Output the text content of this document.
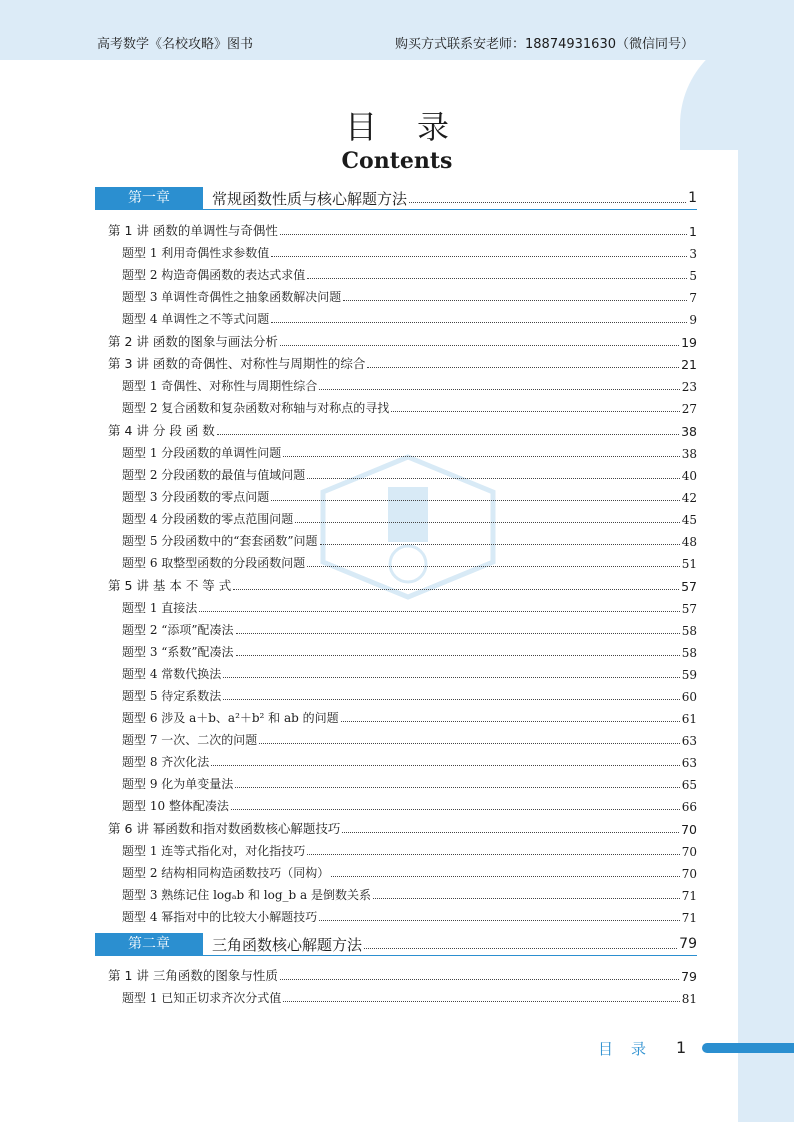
高考数学《名校攻略》图书	购买方式联系安老师：18874931630（微信同号）
目录
Contents
第一章	常规函数性质与核心解题方法	1
第 1 讲 函数的单调性与奇偶性	1
题型 1 利用奇偶性求参数值	3
题型 2 构造奇偶函数的表达式求值	5
题型 3 单调性奇偶性之抽象函数解决问题	7
题型 4 单调性之不等式问题	9
第 2 讲 函数的图象与画法分析	19
第 3 讲 函数的奇偶性、对称性与周期性的综合	21
题型 1 奇偶性、对称性与周期性综合	23
题型 2 复合函数和复杂函数对称轴与对称点的寻找	27
第 4 讲 分 段 函 数	38
题型 1 分段函数的单调性问题	38
题型 2 分段函数的最值与值域问题	40
题型 3 分段函数的零点问题	42
题型 4 分段函数的零点范围问题	45
题型 5 分段函数中的“套套函数”问题	48
题型 6 取整型函数的分段函数问题	51
第 5 讲 基 本 不 等 式	57
题型 1 直接法	57
题型 2 “添项”配凑法	58
题型 3 “系数”配凑法	58
题型 4 常数代换法	59
题型 5 待定系数法	60
题型 6 涉及 a＋b、a²＋b² 和 ab 的问题	61
题型 7 一次、二次的问题	63
题型 8 齐次化法	63
题型 9 化为单变量法	65
题型 10 整体配凑法	66
第 6 讲 幂函数和指对数函数核心解题技巧	70
题型 1 连等式指化对，对化指技巧	70
题型 2 结构相同构造函数技巧（同构）	70
题型 3 熟练记住 logₐb 和 log_b a 是倒数关系	71
题型 4 幂指对中的比较大小解题技巧	71
第二章	三角函数核心解题方法	79
第 1 讲 三角函数的图象与性质	79
题型 1 已知正切求齐次分式值	81
目录 1
